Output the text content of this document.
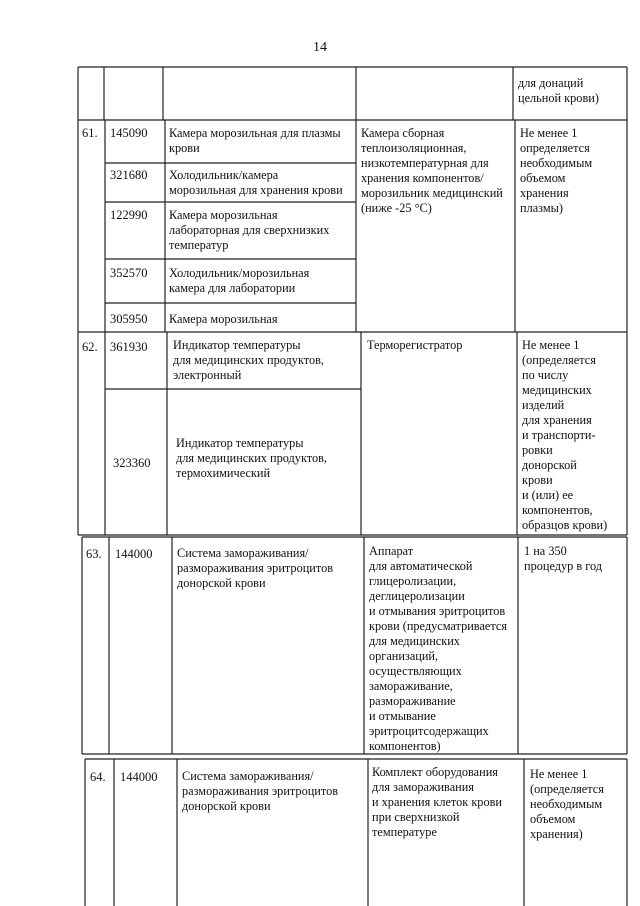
14
для донаций
цельной крови)
61. 145090 Камера морозильная для плазмы
крови
321680 Холодильник/камера
морозильная для хранения крови
122990 Камера морозильная
лабораторная для сверхнизких
температур
352570 Холодильник/морозильная
камера для лаборатории
305950 Камера морозильная
Камера сборная
теплоизоляционная,
низкотемпературная для
хранения компонентов/
морозильник медицинский
(ниже -25 °C)
Не менее 1
определяется
необходимым
объемом
хранения
плазмы)
62. 361930 Индикатор температуры
для медицинских продуктов,
электронный
323360
Индикатор температуры
для медицинских продуктов,
термохимический
Терморегистратор	Не менее 1
(определяется
по числу
медицинских
изделий
для хранения
и транспорти-
ровки
донорской
крови
и (или) ее
компонентов,
образцов крови)
63. 144000 Система замораживания/
размораживания эритроцитов
донорской крови
Аппарат
для автоматической
глицеролизации,
деглицеролизации
и отмывания эритроцитов
крови (предусматривается
для медицинских
организаций,
осуществляющих
замораживание,
размораживание
и отмывание
эритроцитсодержащих
компонентов)
1 на 350
процедур в год
64. 144000 Система замораживания/
размораживания эритроцитов
донорской крови
Комплект оборудования
для замораживания
и хранения клеток крови
при сверхнизкой
температуре
Не менее 1
(определяется
необходимым
объемом
хранения)
